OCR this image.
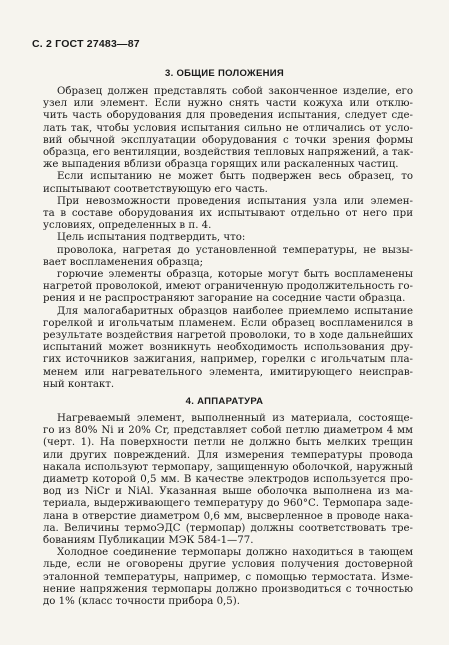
С. 2 ГОСТ 27483—87
3. ОБЩИЕ ПОЛОЖЕНИЯ
Образец должен представлять собой законченное изделие, его
узел или элемент. Если нужно снять части кожуха или отклю-
чить часть оборудования для проведения испытания, следует сде-
лать так, чтобы условия испытания сильно не отличались от усло-
вий обычной эксплуатации оборудования с точки зрения формы
образца, его вентиляции, воздействия тепловых напряжений, а так-
же выпадения вблизи образца горящих или раскаленных частиц.
Если испытанию не может быть подвержен весь образец, то
испытывают соответствующую его часть.
При невозможности проведения испытания узла или элемен-
та в составе оборудования их испытывают отдельно от него при
условиях, определенных в п. 4.
Цель испытания подтвердить, что:
проволока, нагретая до установленной температуры, не вызы-
вает воспламенения образца;
горючие элементы образца, которые могут быть воспламенены
нагретой проволокой, имеют ограниченную продолжительность го-
рения и не распространяют загорание на соседние части образца.
Для малогабаритных образцов наиболее приемлемо испытание
горелкой и игольчатым пламенем. Если образец воспламенился в
результате воздействия нагретой проволоки, то в ходе дальнейших
испытаний может возникнуть необходимость использования дру-
гих источников зажигания, например, горелки с игольчатым пла-
менем или нагревательного элемента, имитирующего неисправ-
ный контакт.
4. АППАРАТУРА
Нагреваемый элемент, выполненный из материала, состояще-
го из 80% Ni и 20% Cr, представляет собой петлю диаметром 4 мм
(черт. 1). На поверхности петли не должно быть мелких трещин
или других повреждений. Для измерения температуры провода
накала используют термопару, защищенную оболочкой, наружный
диаметр которой 0,5 мм. В качестве электродов используется про-
вод из NiCr и NiAl. Указанная выше оболочка выполнена из ма-
териала, выдерживающего температуру до 960°С. Термопара заде-
лана в отверстие диаметром 0,6 мм, высверленное в проводе накa-
ла. Величины термоЭДС (термопар) должны соответствовать тре-
бованиям Публикации МЭК 584-1—77.
Холодное соединение термопары должно находиться в тающем
льде, если не оговорены другие условия получения достоверной
эталонной температуры, например, с помощью термостата. Изме-
нение напряжения термопары должно производиться с точностью
до 1% (класс точности прибора 0,5).
